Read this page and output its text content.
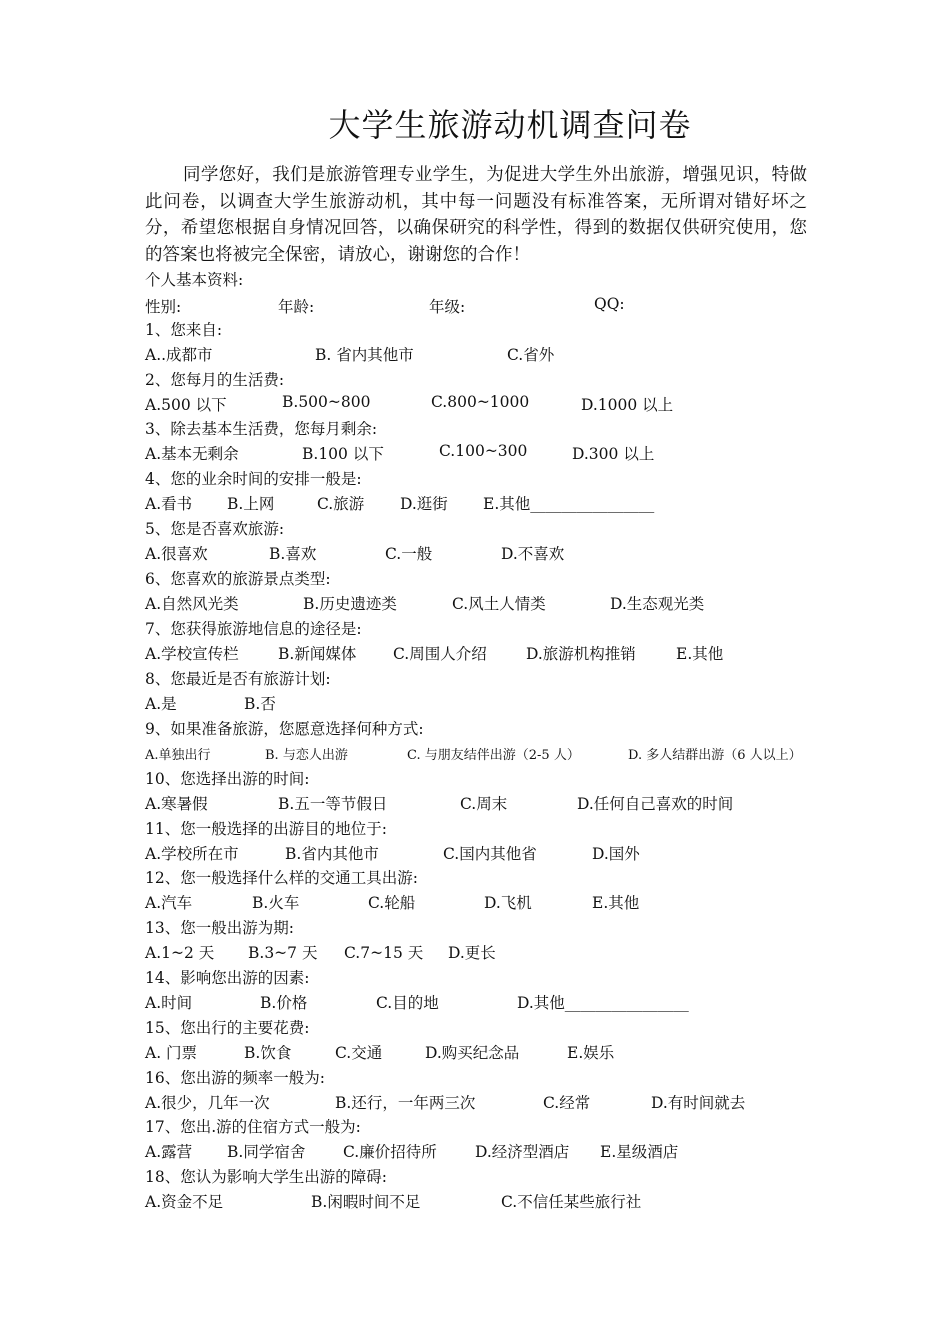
大学生旅游动机调查问卷
同学您好，我们是旅游管理专业学生，为促进大学生外出旅游，增强见识，特做此问卷，以调查大学生旅游动机，其中每一问题没有标准答案，无所谓对错好坏之分，希望您根据自身情况回答，以确保研究的科学性，得到的数据仅供研究使用，您的答案也将被完全保密，请放心，谢谢您的合作！
个人基本资料:
性别:	年龄:	年级:	QQ:
1、您来自:
A..成都市	B. 省内其他市	C.省外
2、您每月的生活费:
A.500 以下	B.500~800	C.800~1000	D.1000 以上
3、除去基本生活费，您每月剩余:
A.基本无剩余	B.100 以下	C.100~300	D.300 以上
4、您的业余时间的安排一般是:
A.看书 B.上网	C.旅游 D.逛街 E.其他________________
5、您是否喜欢旅游:
A.很喜欢	B.喜欢	C.一般	D.不喜欢
6、您喜欢的旅游景点类型:
A.自然风光类	B.历史遗迹类	C.风土人情类	D.生态观光类
7、您获得旅游地信息的途径是:
A.学校宣传栏	B.新闻媒体 C.周围人介绍	D.旅游机构推销	E.其他
8、您最近是否有旅游计划:
A.是	B.否
9、如果准备旅游，您愿意选择何种方式:
A.单独出行	B. 与恋人出游	C. 与朋友结伴出游（2-5 人）	D. 多人结群出游（6 人以上）
10、您选择出游的时间:
A.寒暑假	B.五一等节假日	C.周末	D.任何自己喜欢的时间
11、您一般选择的出游目的地位于:
A.学校所在市	B.省内其他市	C.国内其他省	D.国外
12、您一般选择什么样的交通工具出游:
A.汽车	B.火车	C.轮船	D.飞机	E.其他
13、您一般出游为期:
A.1~2 天 B.3~7 天 C.7~15 天 D.更长
14、影响您出游的因素:
A.时间	B.价格	C.目的地	D.其他________________
15、您出行的主要花费:
A. 门票	B.饮食	C.交通	D.购买纪念品	E.娱乐
16、您出游的频率一般为:
A.很少，几年一次	B.还行，一年两三次	C.经常	D.有时间就去
17、您出.游的住宿方式一般为:
A.露营 B.同学宿舍 C.廉价招待所 D.经济型酒店 E.星级酒店
18、您认为影响大学生出游的障碍:
A.资金不足	B.闲暇时间不足	C.不信任某些旅行社
